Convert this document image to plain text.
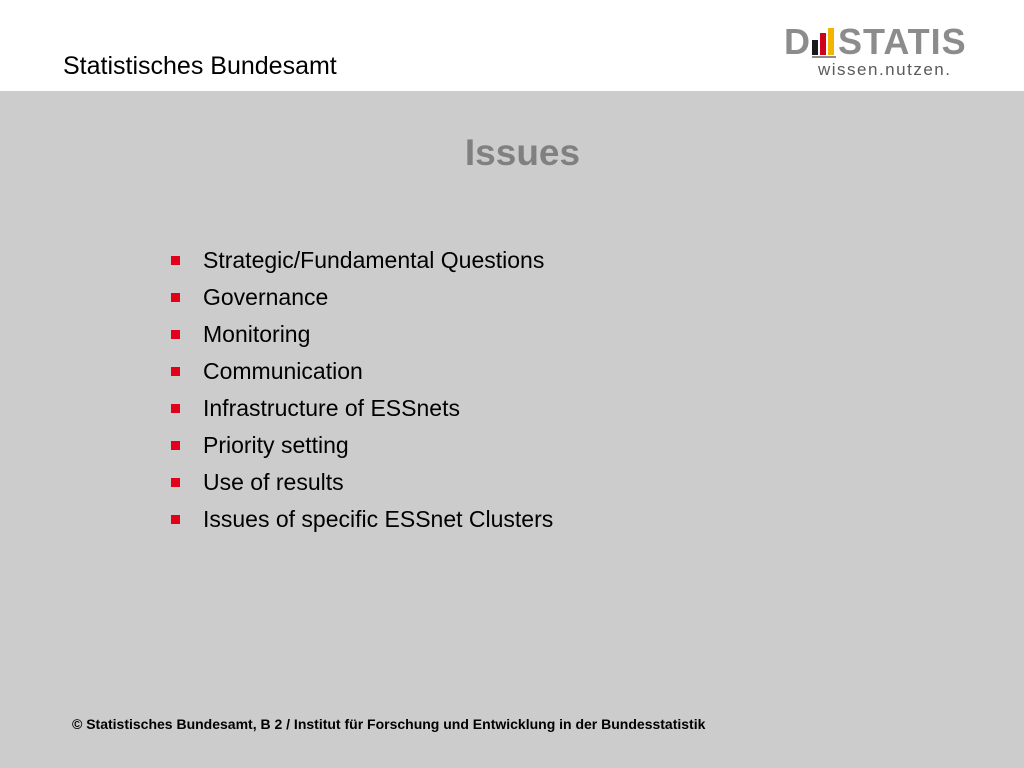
Statistisches Bundesamt
D STATIS
wissen.nutzen.
Issues
Strategic/Fundamental Questions
Governance
Monitoring
Communication
Infrastructure of ESSnets
Priority setting
Use of results
Issues of specific ESSnet Clusters
© Statistisches Bundesamt, B 2 / Institut für Forschung und Entwicklung in der Bundesstatistik
